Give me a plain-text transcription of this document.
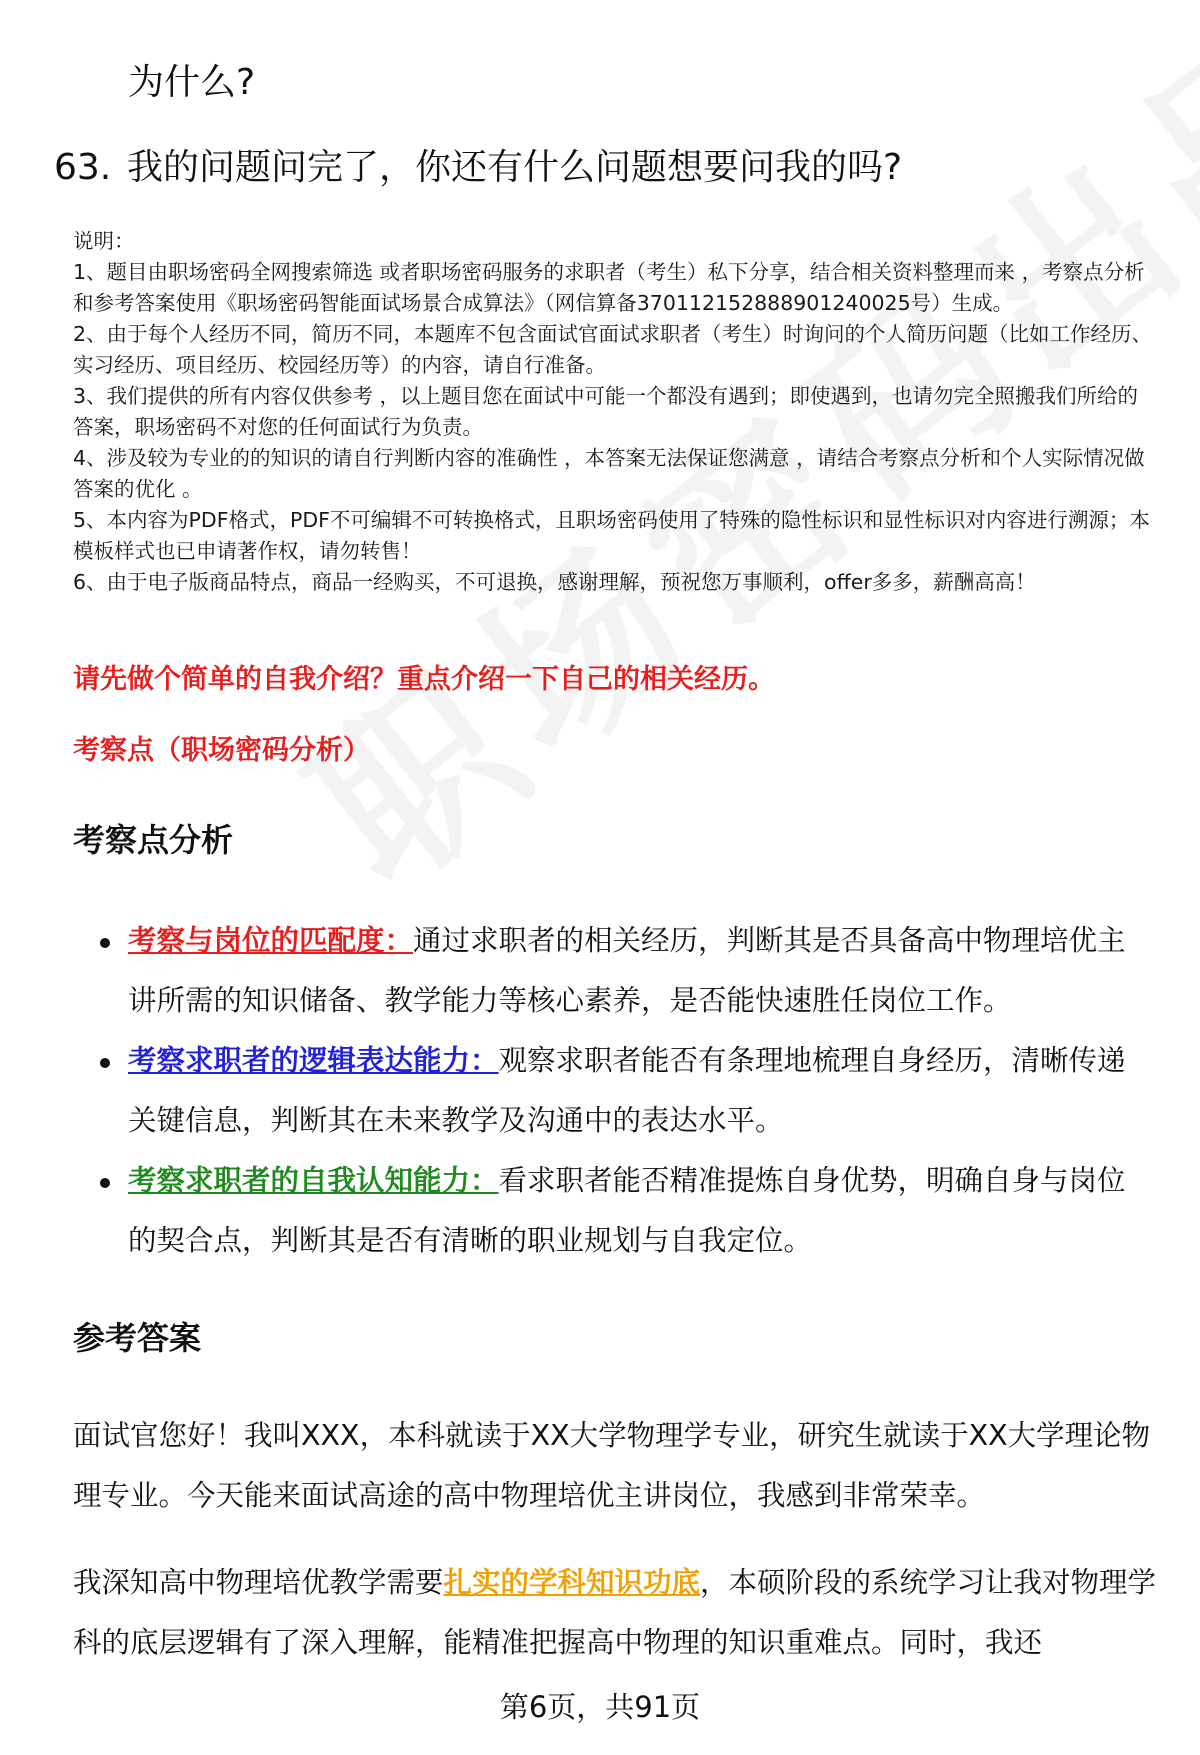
为什么?
63. 我的问题问完了，你还有什么问题想要问我的吗?

说明：

1、题目由职场密码全网搜索筛选 或者职场密码服务的求职者（考生）私下分享，结合相关资料整理而来 ，考察点分析和参考答案使用《职场密码智能面试场景合成算法》（网信算备370112152888901240025号）生成。

2、由于每个人经历不同，简历不同，本题库不包含面试官面试求职者（考生）时询问的个人简历问题（比如工作经历、实习经历、项目经历、校园经历等）的内容，请自行准备。

3、我们提供的所有内容仅供参考 ，以上题目您在面试中可能一个都没有遇到；即使遇到，也请勿完全照搬我们所给的答案，职场密码不对您的任何面试行为负责。

4、涉及较为专业的的知识的请自行判断内容的准确性 ，本答案无法保证您满意 ，请结合考察点分析和个人实际情况做答案的优化 。

5、本内容为PDF格式，PDF不可编辑不可转换格式，且职场密码使用了特殊的隐性标识和显性标识对内容进行溯源；本模板样式也已申请著作权，请勿转售！

6、由于电子版商品特点，商品一经购买，不可退换，感谢理解，预祝您万事顺利，offer多多，薪酬高高！

请先做个简单的自我介绍？重点介绍一下自己的相关经历。
考察点（职场密码分析）
考察点分析
考察与岗位的匹配度：通过求职者的相关经历，判断其是否具备高中物理培优主讲所需的知识储备、教学能力等核心素养，是否能快速胜任岗位工作。
考察求职者的逻辑表达能力：观察求职者能否有条理地梳理自身经历，清晰传递关键信息，判断其在未来教学及沟通中的表达水平。
考察求职者的自我认知能力：看求职者能否精准提炼自身优势，明确自身与岗位的契合点，判断其是否有清晰的职业规划与自我定位。
参考答案

面试官您好！我叫XXX，本科就读于XX大学物理学专业，研究生就读于XX大学理论物理专业。今天能来面试高途的高中物理培优主讲岗位，我感到非常荣幸。

我深知高中物理培优教学需要扎实的学科知识功底，本硕阶段的系统学习让我对物理学科的底层逻辑有了深入理解，能精准把握高中物理的知识重难点。同时，我还

第6页，共91页
